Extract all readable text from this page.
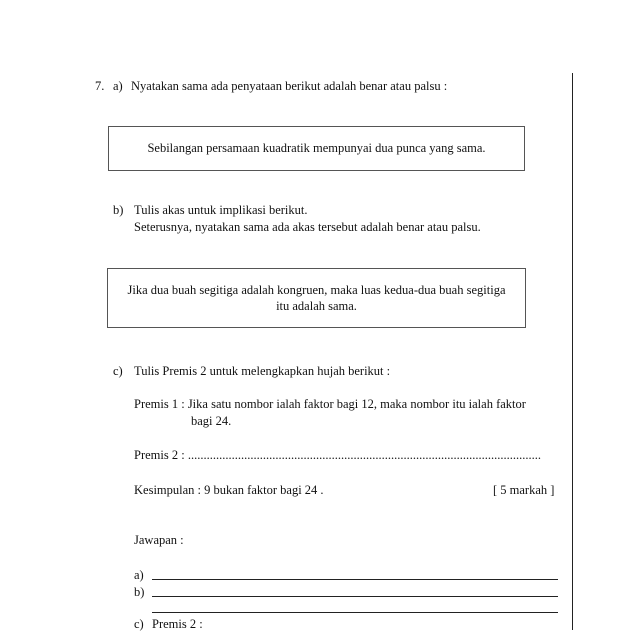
7. a) Nyatakan sama ada penyataan berikut adalah benar atau palsu :
Sebilangan persamaan kuadratik mempunyai dua punca yang sama.
b) Tulis akas untuk implikasi berikut.
Seterusnya, nyatakan sama ada akas tersebut adalah benar atau palsu.
Jika dua buah segitiga adalah kongruen, maka luas kedua-dua buah segitiga
itu adalah sama.
c) Tulis Premis 2 untuk melengkapkan hujah berikut :
Premis 1 : Jika satu nombor ialah faktor bagi 12, maka nombor itu ialah faktor
bagi 24.
Premis 2 : .................................................................................................................
Kesimpulan : 9 bukan faktor bagi 24 .	[ 5 markah ]
Jawapan :
a)
b)
c) Premis 2 :
